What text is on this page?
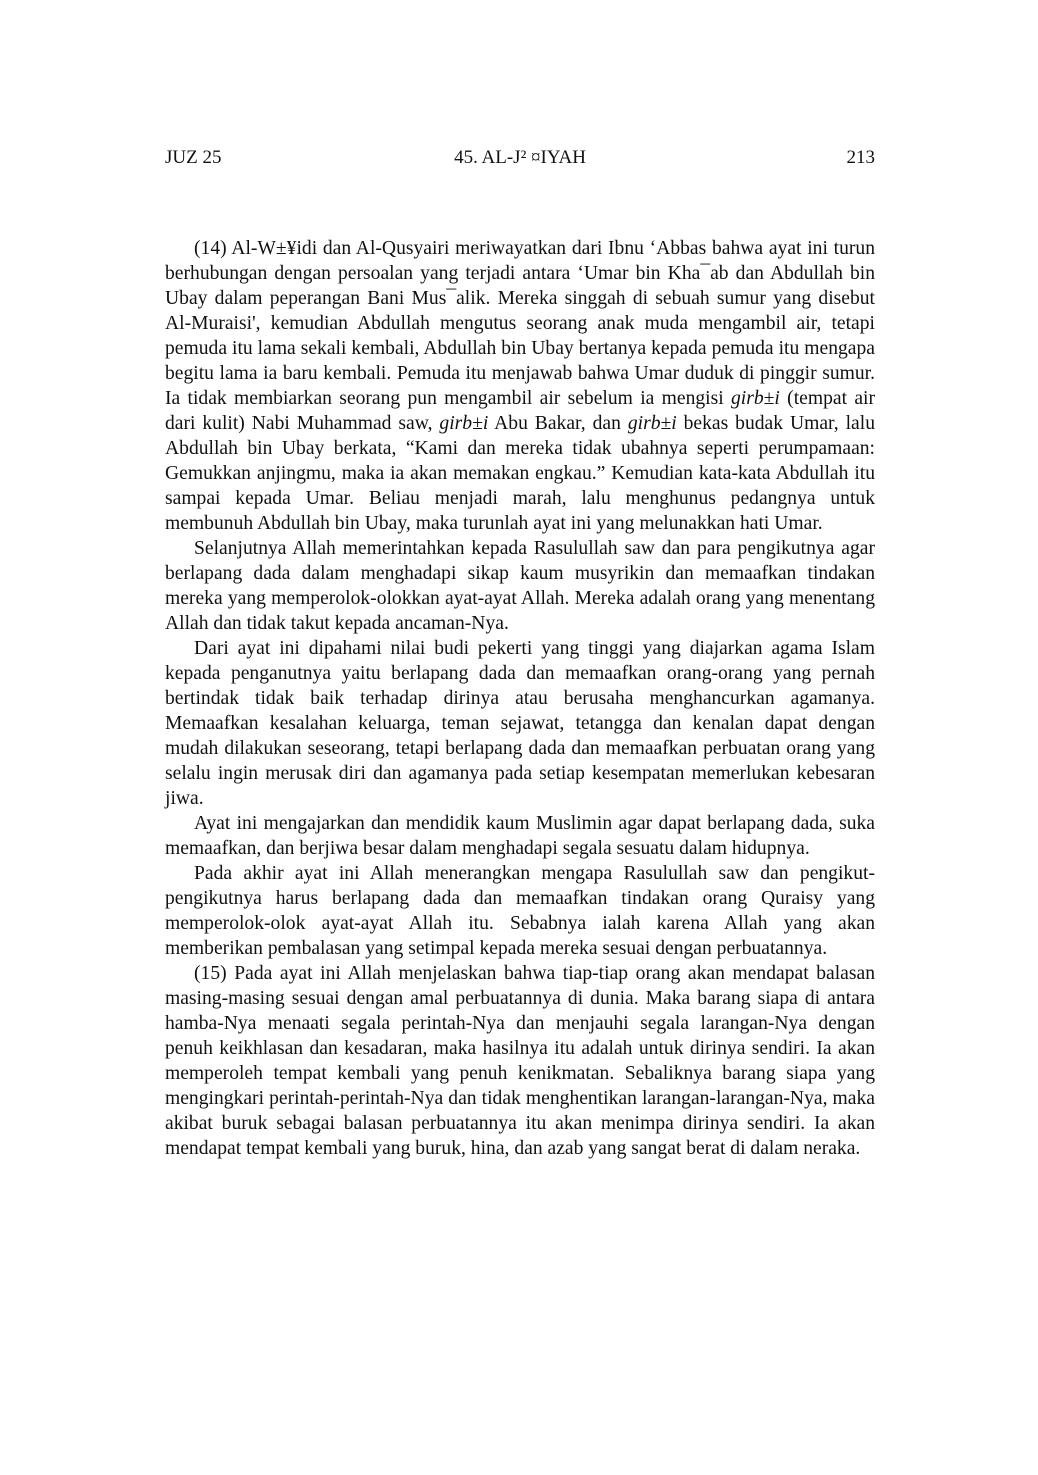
45. AL-J² ¤IYAH
JUZ 25	213

(14) Al-W±¥idi dan Al-Qusyairi meriwayatkan dari Ibnu ‘Abbas bahwa ayat ini turun berhubungan dengan persoalan yang terjadi antara ‘Umar bin Kha¯ab dan Abdullah bin Ubay dalam peperangan Bani Mus¯alik. Mereka singgah di sebuah sumur yang disebut Al-Muraisi', kemudian Abdullah mengutus seorang anak muda mengambil air, tetapi pemuda itu lama sekali kembali, Abdullah bin Ubay bertanya kepada pemuda itu mengapa begitu lama ia baru kembali. Pemuda itu menjawab bahwa Umar duduk di pinggir sumur. Ia tidak membiarkan seorang pun mengambil air sebelum ia mengisi girb±i (tempat air dari kulit) Nabi Muhammad saw, girb±i Abu Bakar, dan girb±i bekas budak Umar, lalu Abdullah bin Ubay berkata, “Kami dan mereka tidak ubahnya seperti perumpamaan: Gemukkan anjingmu, maka ia akan memakan engkau.” Kemudian kata-kata Abdullah itu sampai kepada Umar. Beliau menjadi marah, lalu menghunus pedangnya untuk membunuh Abdullah bin Ubay, maka turunlah ayat ini yang melunakkan hati Umar.

Selanjutnya Allah memerintahkan kepada Rasulullah saw dan para pengikutnya agar berlapang dada dalam menghadapi sikap kaum musyrikin dan memaafkan tindakan mereka yang memperolok-olokkan ayat-ayat Allah. Mereka adalah orang yang menentang Allah dan tidak takut kepada ancaman-Nya.

Dari ayat ini dipahami nilai budi pekerti yang tinggi yang diajarkan agama Islam kepada penganutnya yaitu berlapang dada dan memaafkan orang-orang yang pernah bertindak tidak baik terhadap dirinya atau berusaha menghancurkan agamanya. Memaafkan kesalahan keluarga, teman sejawat, tetangga dan kenalan dapat dengan mudah dilakukan seseorang, tetapi berlapang dada dan memaafkan perbuatan orang yang selalu ingin merusak diri dan agamanya pada setiap kesempatan memerlukan kebesaran jiwa.

Ayat ini mengajarkan dan mendidik kaum Muslimin agar dapat berlapang dada, suka memaafkan, dan berjiwa besar dalam menghadapi segala sesuatu dalam hidupnya.

Pada akhir ayat ini Allah menerangkan mengapa Rasulullah saw dan pengikut-pengikutnya harus berlapang dada dan memaafkan tindakan orang Quraisy yang memperolok-olok ayat-ayat Allah itu. Sebabnya ialah karena Allah yang akan memberikan pembalasan yang setimpal kepada mereka sesuai dengan perbuatannya.

(15) Pada ayat ini Allah menjelaskan bahwa tiap-tiap orang akan mendapat balasan masing-masing sesuai dengan amal perbuatannya di dunia. Maka barang siapa di antara hamba-Nya menaati segala perintah-Nya dan menjauhi segala larangan-Nya dengan penuh keikhlasan dan kesadaran, maka hasilnya itu adalah untuk dirinya sendiri. Ia akan memperoleh tempat kembali yang penuh kenikmatan. Sebaliknya barang siapa yang mengingkari perintah-perintah-Nya dan tidak menghentikan larangan-larangan-Nya, maka akibat buruk sebagai balasan perbuatannya itu akan menimpa dirinya sendiri. Ia akan mendapat tempat kembali yang buruk, hina, dan azab yang sangat berat di dalam neraka.
